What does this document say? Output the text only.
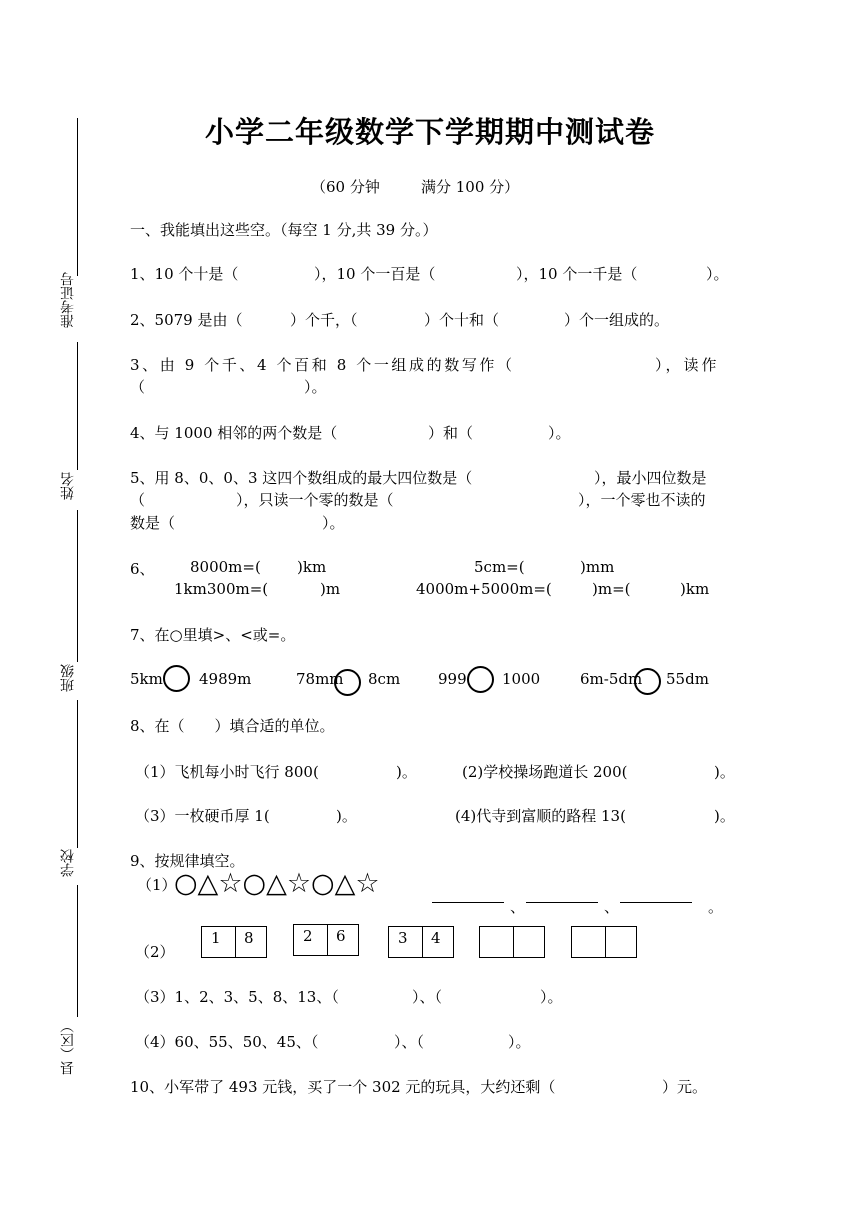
小学二年级数学下学期期中测试卷
（60 分钟	满分 100 分）
准考证号
姓名
班级
学校
县（区）
一、我能填出这些空。（每空 1 分,共 39 分。）
1、10 个十是（	），10 个一百是（	），10 个一千是（	）。
2、5079 是由（	）个千，（	）个十和（	）个一组成的。
3、由 9 个千、4 个百和 8 个一组成的数写作（	），读作
（	）。
4、与 1000 相邻的两个数是（	）和（	）。
5、用 8、0、0、3 这四个数组成的最大四位数是（	），最小四位数是
（	），只读一个零的数是（	），一个零也不读的
数是（	）。
6、 8000m=( )km	5cm=(	)mm
1km300m=(	)m	4000m+5000m=(	)m=(	)km
7、在○里填>、<或=。
5km 4989m	78mm 8cm	999 1000	6m-5dm 55dm
8、在（　　）填合适的单位。
（1）飞机每小时飞行 800(	)。	(2)学校操场跑道长 200(	)。
（3）一枚硬币厚 1(	)。	(4)代寺到富顺的路程 13(	)。
9、按规律填空。
（1）
○△☆○△☆○△☆
、	、	。
（2）
1	8	2	6	3	4
（3）1、2、3、5、8、13、（	）、（	）。
（4）60、55、50、45、（	）、（	）。
10、小军带了 493 元钱，买了一个 302 元的玩具，大约还剩（	）元。
